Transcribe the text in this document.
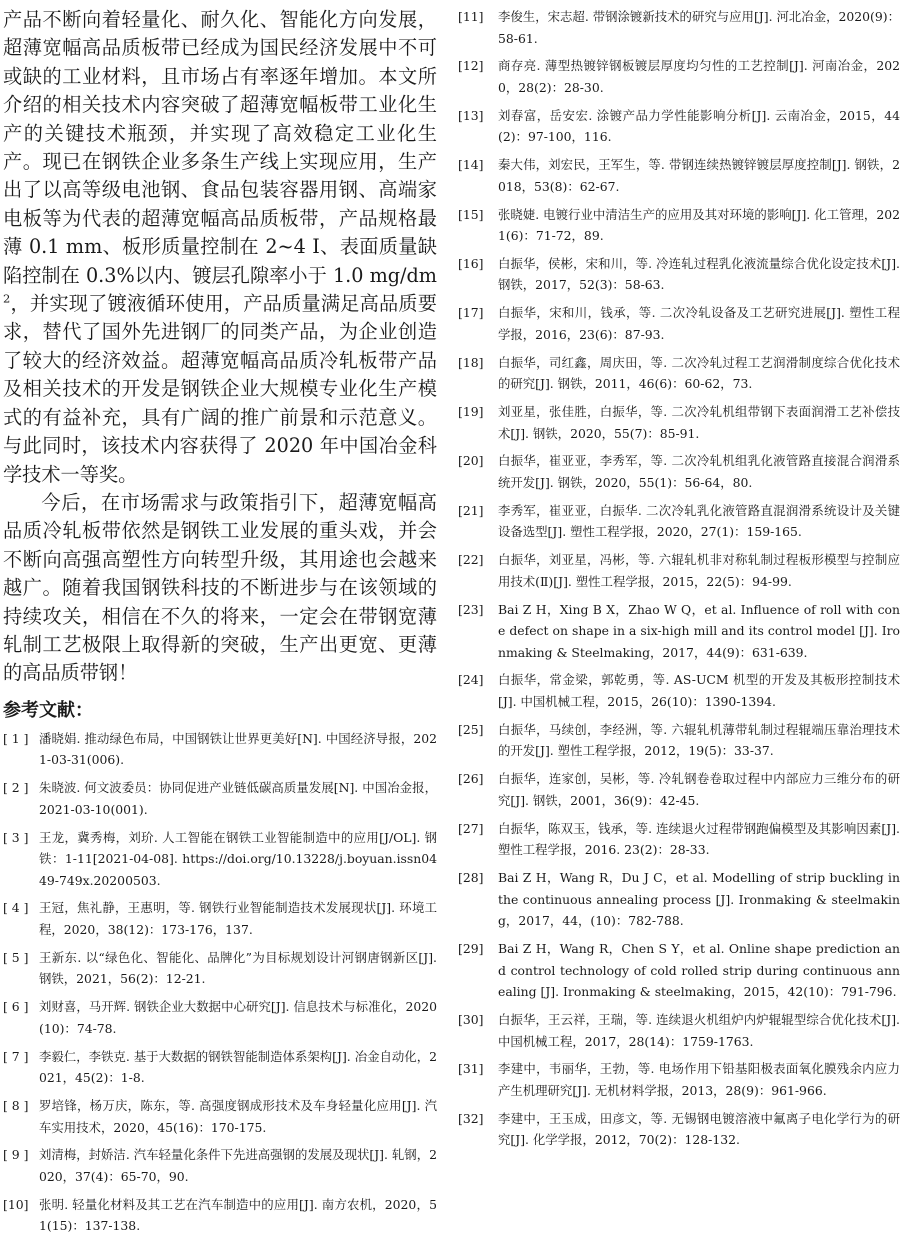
产品不断向着轻量化、耐久化、智能化方向发展，超薄宽幅高品质板带已经成为国民经济发展中不可或缺的工业材料，且市场占有率逐年增加。本文所介绍的相关技术内容突破了超薄宽幅板带工业化生产的关键技术瓶颈，并实现了高效稳定工业化生产。现已在钢铁企业多条生产线上实现应用，生产出了以高等级电池钢、食品包装容器用钢、高端家电板等为代表的超薄宽幅高品质板带，产品规格最薄 0.1 mm、板形质量控制在 2~4 I、表面质量缺陷控制在 0.3%以内、镀层孔隙率小于 1.0 $mg/dm^2$，并实现了镀液循环使用，产品质量满足高品质要求，替代了国外先进钢厂的同类产品，为企业创造了较大的经济效益。超薄宽幅高品质冷轧板带产品及相关技术的开发是钢铁企业大规模专业化生产模式的有益补充，具有广阔的推广前景和示范意义。与此同时，该技术内容获得了 2020 年中国冶金科学技术一等奖。

今后，在市场需求与政策指引下，超薄宽幅高品质冷轧板带依然是钢铁工业发展的重头戏，并会不断向高强高塑性方向转型升级，其用途也会越来越广。随着我国钢铁科技的不断进步与在该领域的持续攻关，相信在不久的将来，一定会在带钢宽薄轧制工艺极限上取得新的突破，生产出更宽、更薄的高品质带钢！

参考文献：
[ 1 ] 潘晓娟. 推动绿色布局，中国钢铁让世界更美好[N]. 中国经济导报，2021-03-31(006).
[ 2 ] 朱晓波. 何文波委员：协同促进产业链低碳高质量发展[N]. 中国冶金报，2021-03-10(001).
[ 3 ] 王龙，冀秀梅，刘玠. 人工智能在钢铁工业智能制造中的应用[J/OL]. 钢铁：1-11[2021-04-08]. https://doi.org/10.13228/j.boyuan.issn0449-749x.20200503.
[ 4 ] 王冠，焦礼静，王惠明，等. 钢铁行业智能制造技术发展现状[J]. 环境工程，2020，38(12)：173-176，137.
[ 5 ] 王新东. 以“绿色化、智能化、品牌化”为目标规划设计河钢唐钢新区[J]. 钢铁，2021，56(2)：12-21.
[ 6 ] 刘财喜，马开辉. 钢铁企业大数据中心研究[J]. 信息技术与标准化，2020(10)：74-78.
[ 7 ] 李毅仁，李铁克. 基于大数据的钢铁智能制造体系架构[J]. 冶金自动化，2021，45(2)：1-8.
[ 8 ] 罗培锋，杨万庆，陈东，等. 高强度钢成形技术及车身轻量化应用[J]. 汽车实用技术，2020，45(16)：170-175.
[ 9 ] 刘清梅，封娇洁. 汽车轻量化条件下先进高强钢的发展及现状[J]. 轧钢，2020，37(4)：65-70，90.
[10] 张明. 轻量化材料及其工艺在汽车制造中的应用[J]. 南方农机，2020，51(15)：137-138.
[11]	李俊生，宋志超. 带钢涂镀新技术的研究与应用[J]. 河北冶金，2020(9)：58-61.
[12]	商存亮. 薄型热镀锌钢板镀层厚度均匀性的工艺控制[J]. 河南冶金，2020，28(2)：28-30.
[13]	刘春富，岳安宏. 涂镀产品力学性能影响分析[J]. 云南冶金，2015，44(2)：97-100，116.
[14]	秦大伟，刘宏民，王军生，等. 带钢连续热镀锌镀层厚度控制[J]. 钢铁，2018，53(8)：62-67.
[15]	张晓婕. 电镀行业中清洁生产的应用及其对环境的影响[J]. 化工管理，2021(6)：71-72，89.
[16]	白振华，侯彬，宋和川，等. 冷连轧过程乳化液流量综合优化设定技术[J]. 钢铁，2017，52(3)：58-63.
[17]	白振华，宋和川，钱承，等. 二次冷轧设备及工艺研究进展[J]. 塑性工程学报，2016，23(6)：87-93.
[18]	白振华，司红鑫，周庆田，等. 二次冷轧过程工艺润滑制度综合优化技术的研究[J]. 钢铁，2011，46(6)：60-62，73.
[19]	刘亚星，张佳胜，白振华，等. 二次冷轧机组带钢下表面润滑工艺补偿技术[J]. 钢铁，2020，55(7)：85-91.
[20]	白振华，崔亚亚，李秀军，等. 二次冷轧机组乳化液管路直接混合润滑系统开发[J]. 钢铁，2020，55(1)：56-64，80.
[21]	李秀军，崔亚亚，白振华. 二次冷轧乳化液管路直混润滑系统设计及关键设备选型[J]. 塑性工程学报，2020，27(1)：159-165.
[22]	白振华，刘亚星，冯彬，等. 六辊轧机非对称轧制过程板形模型与控制应用技术(Ⅱ)[J]. 塑性工程学报，2015，22(5)：94-99.
[23]	Bai Z H，Xing B X，Zhao W Q，et al. Influence of roll with cone defect on shape in a six-high mill and its control model [J]. Ironmaking & Steelmaking，2017，44(9)：631-639.
[24]	白振华，常金梁，郭乾勇，等. AS-UCM 机型的开发及其板形控制技术[J]. 中国机械工程，2015，26(10)：1390-1394.
[25]	白振华，马续创，李经洲，等. 六辊轧机薄带轧制过程辊端压靠治理技术的开发[J]. 塑性工程学报，2012，19(5)：33-37.
[26]	白振华，连家创，吴彬，等. 冷轧钢卷卷取过程中内部应力三维分布的研究[J]. 钢铁，2001，36(9)：42-45.
[27]	白振华，陈双玉，钱承，等. 连续退火过程带钢跑偏模型及其影响因素[J]. 塑性工程学报，2016. 23(2)：28-33.
[28]	Bai Z H，Wang R，Du J C，et al. Modelling of strip buckling in the continuous annealing process [J]. Ironmaking & steelmaking，2017，44，(10)：782-788.
[29]	Bai Z H，Wang R，Chen S Y，et al. Online shape prediction and control technology of cold rolled strip during continuous annealing [J]. Ironmaking & steelmaking，2015，42(10)：791-796.
[30]	白振华，王云祥，王瑞，等. 连续退火机组炉内炉辊辊型综合优化技术[J]. 中国机械工程，2017，28(14)：1759-1763.
[31]	李建中，韦丽华，王勃，等. 电场作用下铅基阳极表面氧化膜残余内应力产生机理研究[J]. 无机材料学报，2013，28(9)：961-966.
[32]	李建中，王玉成，田彦文，等. 无锡钢电镀溶液中氟离子电化学行为的研究[J]. 化学学报，2012，70(2)：128-132.
